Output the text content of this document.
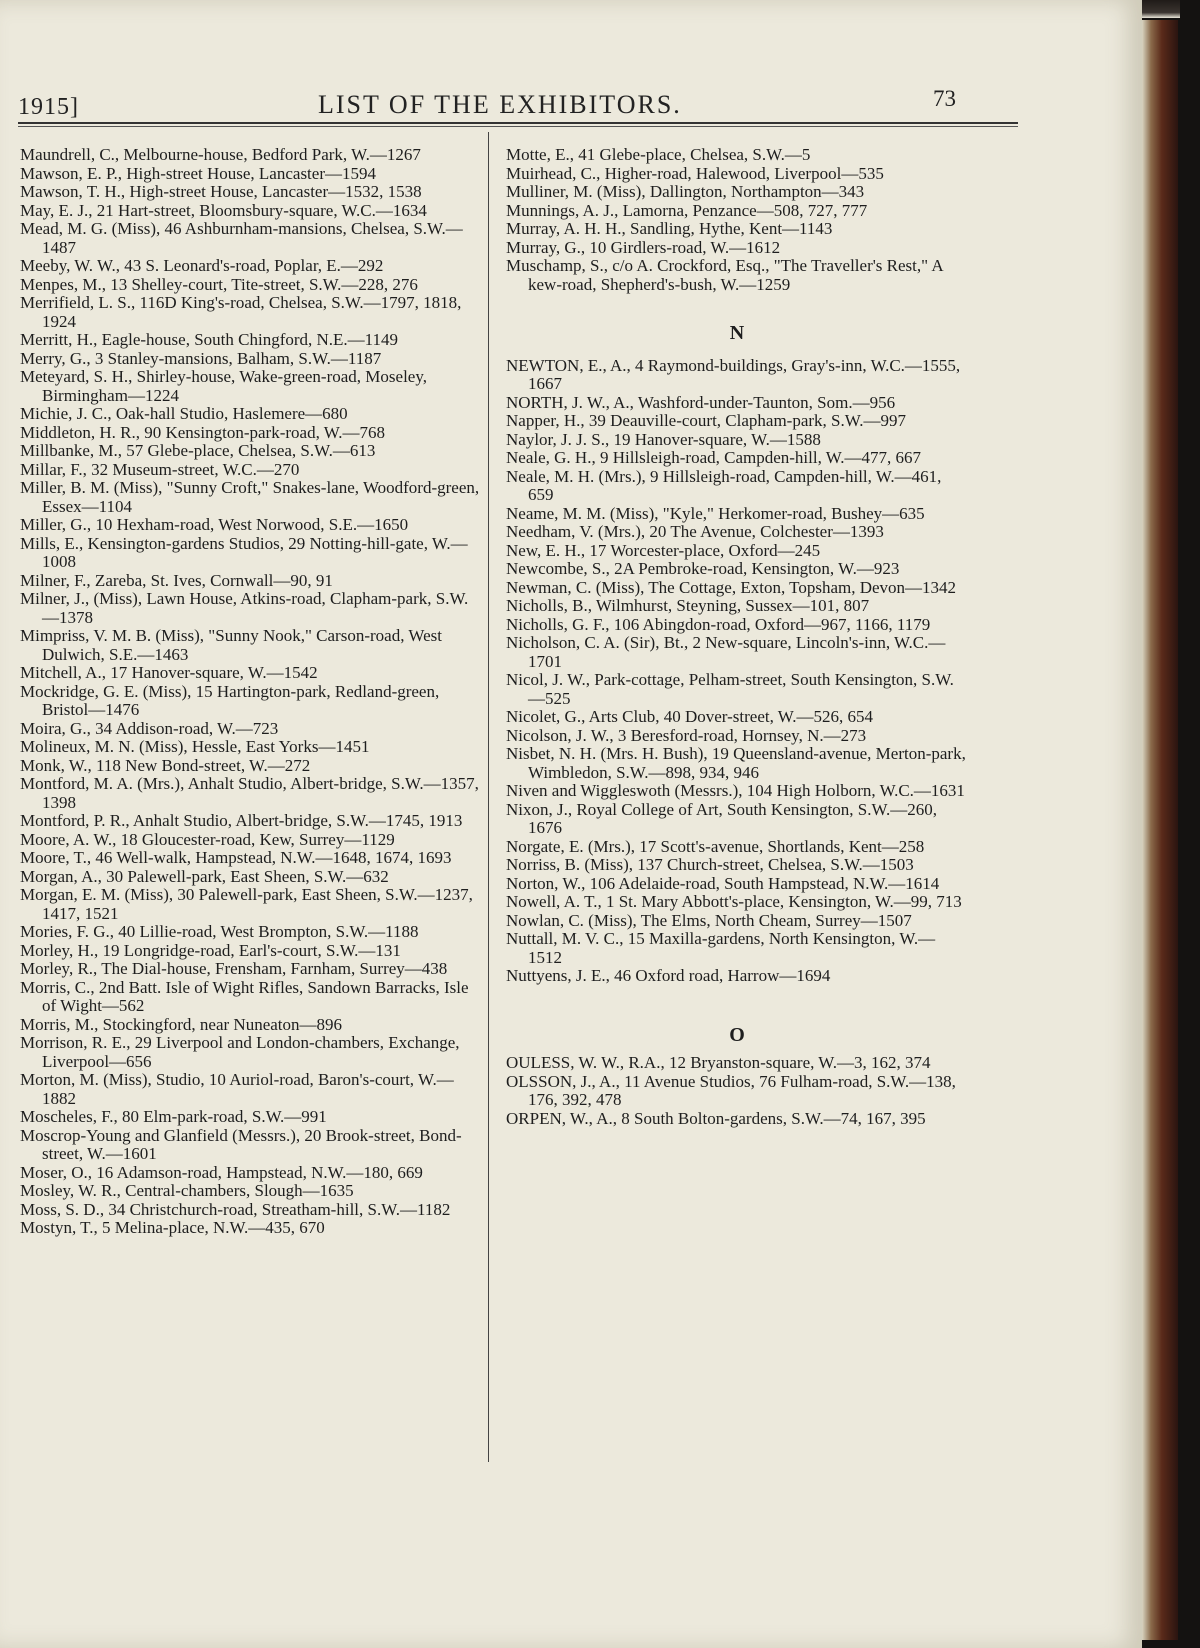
1915]	LIST OF THE EXHIBITORS.	73

Maundrell, C., Melbourne-house, Bedford Park, W.—1267

Mawson, E. P., High-street House, Lancaster—1594

Mawson, T. H., High-street House, Lancaster—1532, 1538

May, E. J., 21 Hart-street, Bloomsbury-square, W.C.—1634

Mead, M. G. (Miss), 46 Ashburnham-mansions, Chelsea, S.W.—1487

Meeby, W. W., 43 S. Leonard's-road, Poplar, E.—292

Menpes, M., 13 Shelley-court, Tite-street, S.W.—228, 276

Merrifield, L. S., 116D King's-road, Chelsea, S.W.—1797, 1818, 1924

Merritt, H., Eagle-house, South Chingford, N.E.—1149

Merry, G., 3 Stanley-mansions, Balham, S.W.—1187

Meteyard, S. H., Shirley-house, Wake-green-road, Moseley, Birmingham—1224

Michie, J. C., Oak-hall Studio, Haslemere—680

Middleton, H. R., 90 Kensington-park-road, W.—768

Millbanke, M., 57 Glebe-place, Chelsea, S.W.—613

Millar, F., 32 Museum-street, W.C.—270

Miller, B. M. (Miss), "Sunny Croft," Snakes-lane, Woodford-green, Essex—1104

Miller, G., 10 Hexham-road, West Norwood, S.E.—1650

Mills, E., Kensington-gardens Studios, 29 Notting-hill-gate, W.—1008

Milner, F., Zareba, St. Ives, Cornwall—90, 91

Milner, J., (Miss), Lawn House, Atkins-road, Clapham-park, S.W.—1378

Mimpriss, V. M. B. (Miss), "Sunny Nook," Carson-road, West Dulwich, S.E.—1463

Mitchell, A., 17 Hanover-square, W.—1542

Mockridge, G. E. (Miss), 15 Hartington-park, Redland-green, Bristol—1476

Moira, G., 34 Addison-road, W.—723

Molineux, M. N. (Miss), Hessle, East Yorks—1451

Monk, W., 118 New Bond-street, W.—272

Montford, M. A. (Mrs.), Anhalt Studio, Albert-bridge, S.W.—1357, 1398

Montford, P. R., Anhalt Studio, Albert-bridge, S.W.—1745, 1913

Moore, A. W., 18 Gloucester-road, Kew, Surrey—1129

Moore, T., 46 Well-walk, Hampstead, N.W.—1648, 1674, 1693

Morgan, A., 30 Palewell-park, East Sheen, S.W.—632

Morgan, E. M. (Miss), 30 Palewell-park, East Sheen, S.W.—1237, 1417, 1521

Mories, F. G., 40 Lillie-road, West Brompton, S.W.—1188

Morley, H., 19 Longridge-road, Earl's-court, S.W.—131

Morley, R., The Dial-house, Frensham, Farnham, Surrey—438

Morris, C., 2nd Batt. Isle of Wight Rifles, Sandown Barracks, Isle of Wight—562

Morris, M., Stockingford, near Nuneaton—896

Morrison, R. E., 29 Liverpool and London-chambers, Exchange, Liverpool—656

Morton, M. (Miss), Studio, 10 Auriol-road, Baron's-court, W.—1882

Moscheles, F., 80 Elm-park-road, S.W.—991

Moscrop-Young and Glanfield (Messrs.), 20 Brook-street, Bond-street, W.—1601

Moser, O., 16 Adamson-road, Hampstead, N.W.—180, 669

Mosley, W. R., Central-chambers, Slough—1635

Moss, S. D., 34 Christchurch-road, Streatham-hill, S.W.—1182

Mostyn, T., 5 Melina-place, N.W.—435, 670

Motte, E., 41 Glebe-place, Chelsea, S.W.—5

Muirhead, C., Higher-road, Halewood, Liverpool—535

Mulliner, M. (Miss), Dallington, Northampton—343

Munnings, A. J., Lamorna, Penzance—508, 727, 777

Murray, A. H. H., Sandling, Hythe, Kent—1143

Murray, G., 10 Girdlers-road, W.—1612

Muschamp, S., c/o A. Crockford, Esq., "The Traveller's Rest," A kew-road, Shepherd's-bush, W.—1259

N

NEWTON, E., A., 4 Raymond-buildings, Gray's-inn, W.C.—1555, 1667

NORTH, J. W., A., Washford-under-Taunton, Som.—956

Napper, H., 39 Deauville-court, Clapham-park, S.W.—997

Naylor, J. J. S., 19 Hanover-square, W.—1588

Neale, G. H., 9 Hillsleigh-road, Campden-hill, W.—477, 667

Neale, M. H. (Mrs.), 9 Hillsleigh-road, Campden-hill, W.—461, 659

Neame, M. M. (Miss), "Kyle," Herkomer-road, Bushey—635

Needham, V. (Mrs.), 20 The Avenue, Colchester—1393

New, E. H., 17 Worcester-place, Oxford—245

Newcombe, S., 2A Pembroke-road, Kensington, W.—923

Newman, C. (Miss), The Cottage, Exton, Topsham, Devon—1342

Nicholls, B., Wilmhurst, Steyning, Sussex—101, 807

Nicholls, G. F., 106 Abingdon-road, Oxford—967, 1166, 1179

Nicholson, C. A. (Sir), Bt., 2 New-square, Lincoln's-inn, W.C.—1701

Nicol, J. W., Park-cottage, Pelham-street, South Kensington, S.W.—525

Nicolet, G., Arts Club, 40 Dover-street, W.—526, 654

Nicolson, J. W., 3 Beresford-road, Hornsey, N.—273

Nisbet, N. H. (Mrs. H. Bush), 19 Queensland-avenue, Merton-park, Wimbledon, S.W.—898, 934, 946

Niven and Wiggleswoth (Messrs.), 104 High Holborn, W.C.—1631

Nixon, J., Royal College of Art, South Kensington, S.W.—260, 1676

Norgate, E. (Mrs.), 17 Scott's-avenue, Shortlands, Kent—258

Norriss, B. (Miss), 137 Church-street, Chelsea, S.W.—1503

Norton, W., 106 Adelaide-road, South Hampstead, N.W.—1614

Nowell, A. T., 1 St. Mary Abbott's-place, Kensington, W.—99, 713

Nowlan, C. (Miss), The Elms, North Cheam, Surrey—1507

Nuttall, M. V. C., 15 Maxilla-gardens, North Kensington, W.—1512

Nuttyens, J. E., 46 Oxford road, Harrow—1694

O

OULESS, W. W., R.A., 12 Bryanston-square, W.—3, 162, 374

OLSSON, J., A., 11 Avenue Studios, 76 Fulham-road, S.W.—138, 176, 392, 478

ORPEN, W., A., 8 South Bolton-gardens, S.W.—74, 167, 395
